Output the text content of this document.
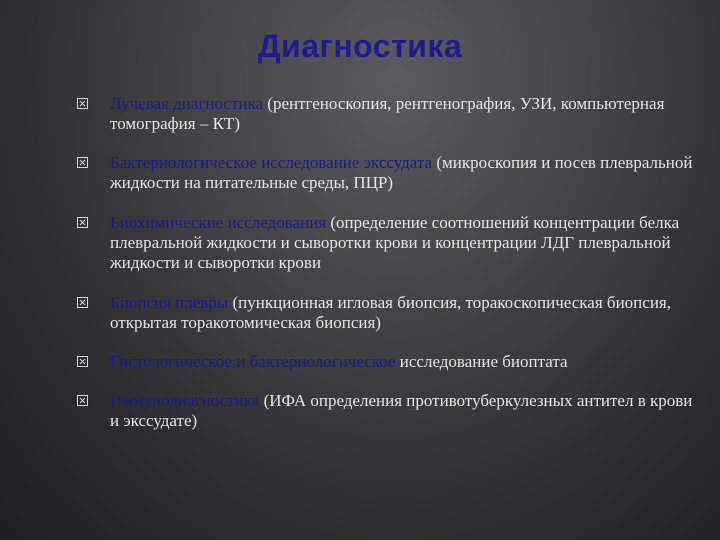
Диагностика
Лучевая диагностика (рентгеноскопия, рентгенография, УЗИ, компьютерная томография – КТ)
Бактериологическое исследование экссудата (микроскопия и посев плевральной жидкости на питательные среды, ПЦР)
Биохимические исследования (определение соотношений концентрации белка плевральной жидкости и сыворотки крови и концентрации ЛДГ плевральной жидкости и сыворотки крови
Биопсия плевры (пункционная игловая биопсия, торакоскопическая биопсия, открытая торакотомическая биопсия)
Гистологическое и бактериологическое исследование биоптата
Иммунодиагностика (ИФА определения противотуберкулезных антител в крови и экссудате)
